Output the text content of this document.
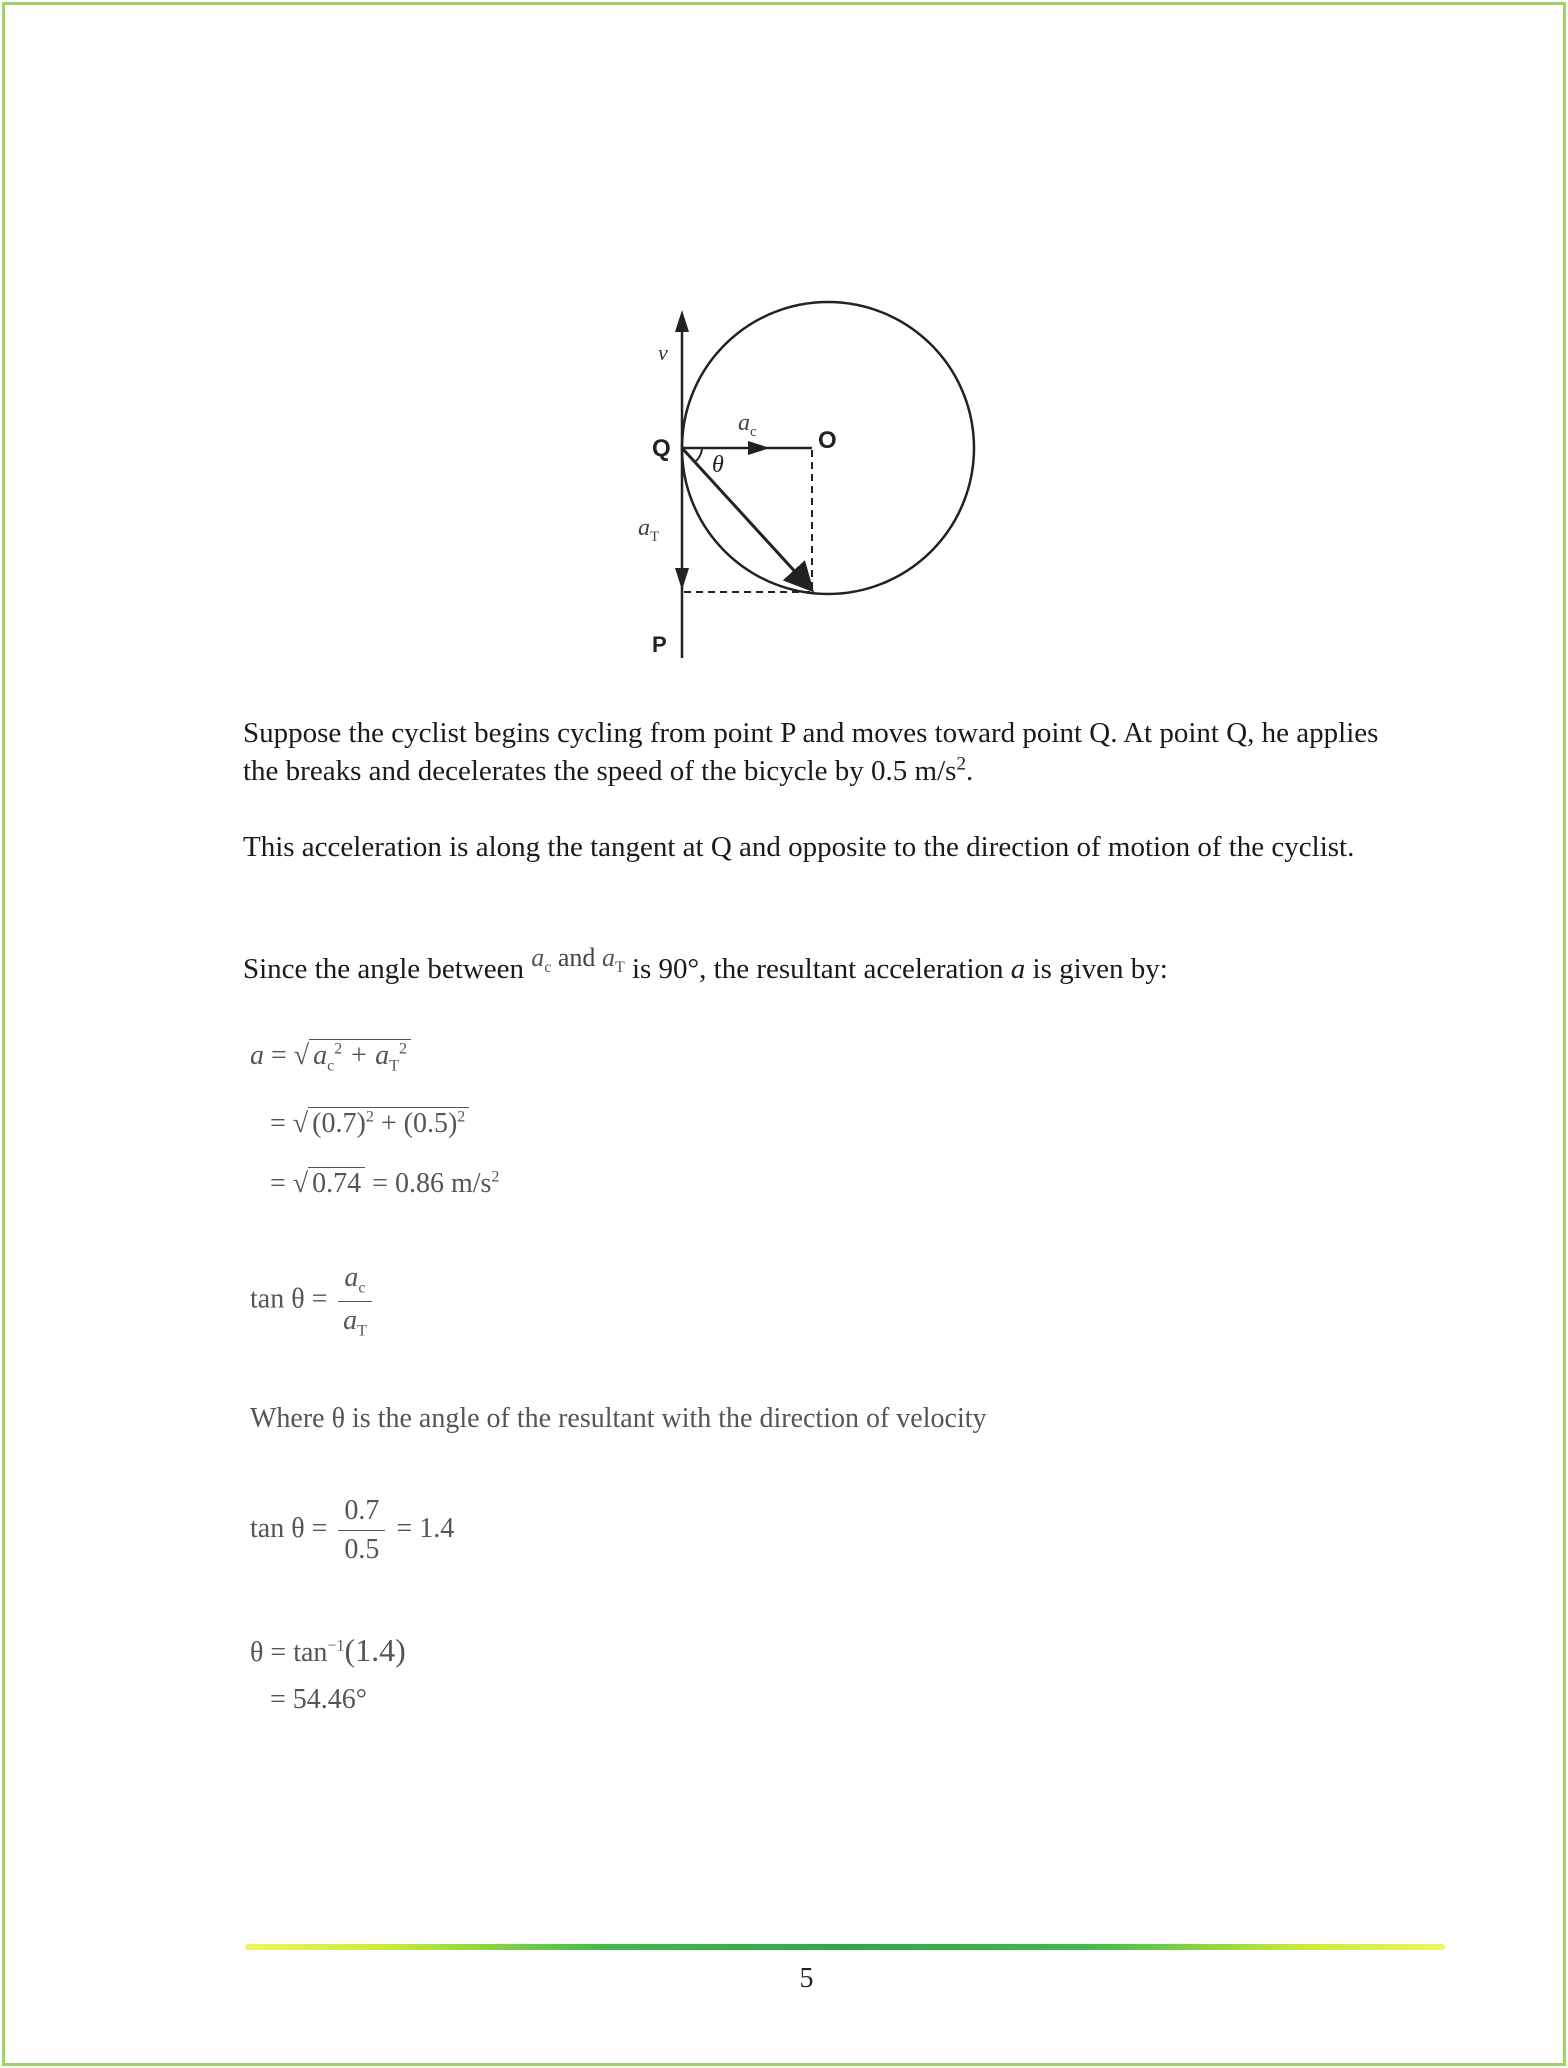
v
Q	O
P
θ
$a_c$
$a_T$

Suppose the cyclist begins cycling from point P and moves toward point Q. At point Q, he applies the breaks and decelerates the speed of the bicycle by 0.5 $m/s^2$.

This acceleration is along the tangent at Q and opposite to the direction of motion of the cyclist.

Since the angle between $a_c$ and $a_T$ is 90°, the resultant acceleration a is given by:

a = √ $a_c^2 + a_T^2$
= √ $(0.7)^2 + (0.5)^2$
= √ 0.74 = 0.86 $m/s^2$
$\tan \theta = \frac{a_c}{a_T}$
Where θ is the angle of the resultant with the direction of velocity
$\tan \theta = \frac{0.7}{0.5} = 1.4$
$\theta = \tan^{-1}(1.4)$
= 54.46°
5
